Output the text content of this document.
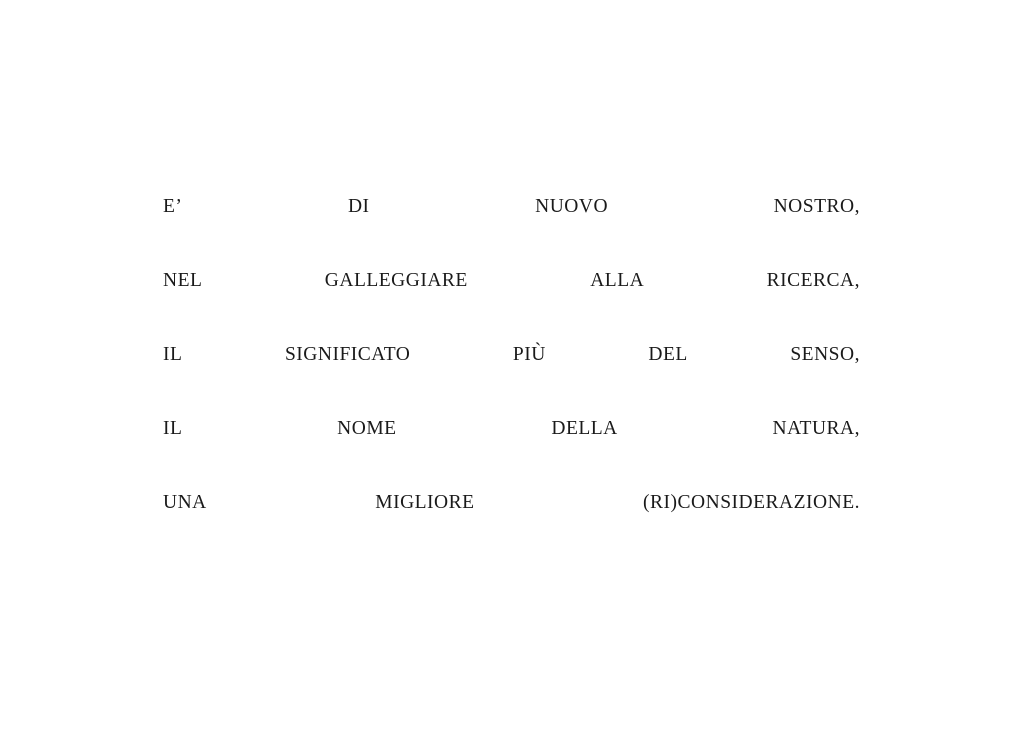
E’	DI	NUOVO	NOSTRO,
NEL	GALLEGGIARE	ALLA	RICERCA,
IL	SIGNIFICATO	PIÙ	DEL	SENSO,
IL	NOME	DELLA	NATURA,
UNA	MIGLIORE	(RI)CONSIDERAZIONE.
